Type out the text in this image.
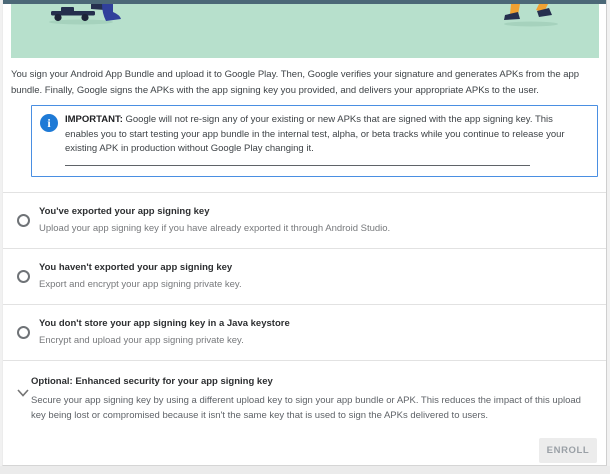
You sign your Android App Bundle and upload it to Google Play. Then, Google verifies your signature and generates APKs from the app bundle. Finally, Google signs the APKs with the app signing key you provided, and delivers your appropriate APKs to the user.

i	IMPORTANT: Google will not re-sign any of your existing or new APKs that are signed with the app signing key. This enables you to start testing your app bundle in the internal test, alpha, or beta tracks while you continue to release your existing APK in production without Google Play changing it.
You've exported your app signing key
Upload your app signing key if you have already exported it through Android Studio.
You haven't exported your app signing key
Export and encrypt your app signing private key.
You don't store your app signing key in a Java keystore
Encrypt and upload your app signing private key.
Optional: Enhanced security for your app signing key
Secure your app signing key by using a different upload key to sign your app bundle or APK. This reduces the impact of this upload key being lost or compromised because it isn't the same key that is used to sign the APKs delivered to users.
ENROLL
